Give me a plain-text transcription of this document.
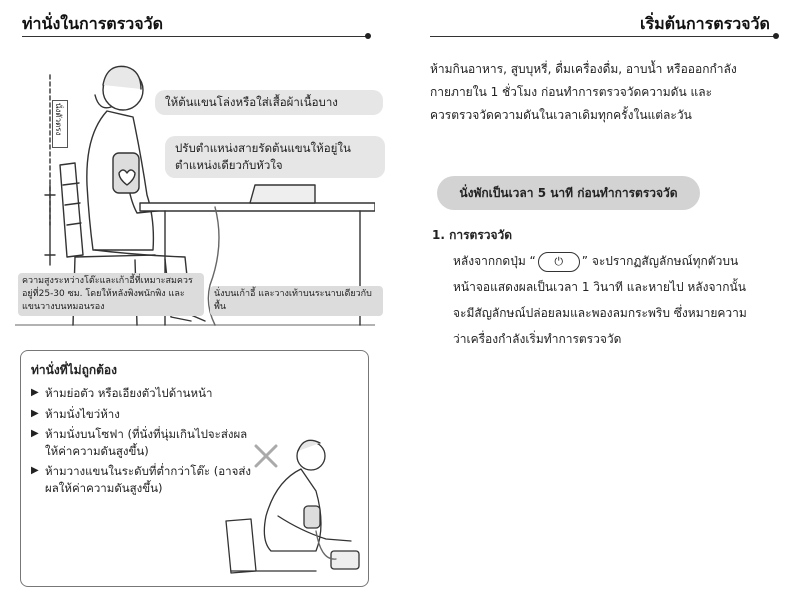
ท่านั่งในการตรวจวัด
นั่งตัวตรง
ให้ต้นแขนโล่งหรือใส่เสื้อผ้าเนื้อบาง
ปรับตำแหน่งสายรัดต้นแขนให้อยู่ใน
ตำแหน่งเดียวกับหัวใจ
ความสูงระหว่างโต๊ะและเก้าอี้ที่เหมาะสมควร
อยู่ที่25-30 ซม. โดยให้หลังพิงพนักพิง และ
แขนวางบนหมอนรอง
นั่งบนเก้าอี้ และวางเท้าบนระนาบเดียวกับ
พื้น
ท่านั่งที่ไม่ถูกต้อง
▶ ห้ามย่อตัว หรือเอียงตัวไปด้านหน้า
▶ ห้ามนั่งไขว่ห้าง
▶ ห้ามนั่งบนโซฟา (ที่นั่งที่นุ่มเกินไปจะส่งผลให้ค่าความดันสูงขึ้น)
▶ ห้ามวางแขนในระดับที่ต่ำกว่าโต๊ะ (อาจส่งผลให้ค่าความดันสูงขึ้น)
เริ่มต้นการตรวจวัด
ห้ามกินอาหาร, สูบบุหรี่, ดื่มเครื่องดื่ม, อาบน้ำ หรือออกกำลัง
กายภายใน 1 ชั่วโมง ก่อนทำการตรวจวัดความดัน และ
ควรตรวจวัดความดันในเวลาเดิมทุกครั้งในแต่ละวัน
นั่งพักเป็นเวลา 5 นาที ก่อนทำการตรวจวัด
1. การตรวจวัด
หลังจากกดปุ่ม “ ⏻ ” จะปรากฏสัญลักษณ์ทุกตัวบน
หน้าจอแสดงผลเป็นเวลา 1 วินาที และหายไป หลังจากนั้น
จะมีสัญลักษณ์ปล่อยลมและพองลมกระพริบ ซึ่งหมายความ
ว่าเครื่องกำลังเริ่มทำการตรวจวัด
